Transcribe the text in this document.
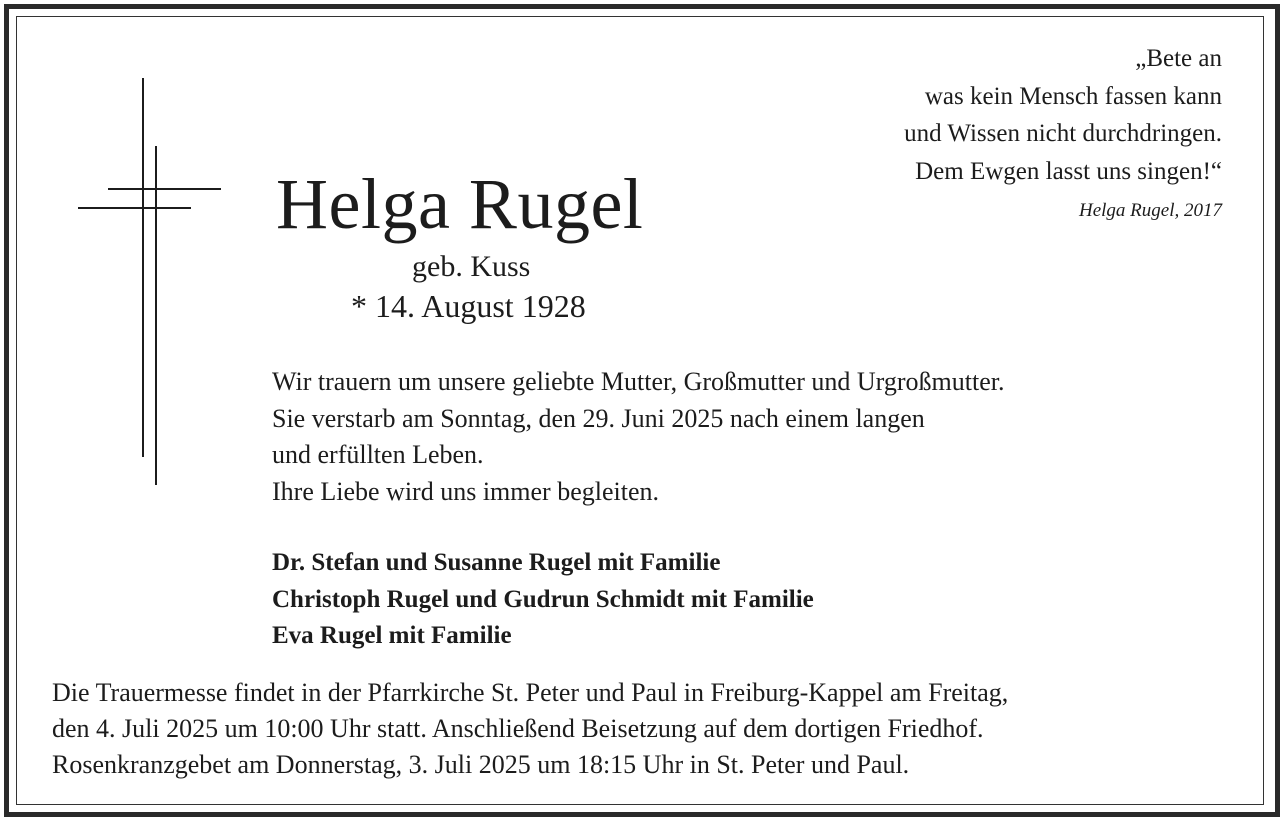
„Bete an
was kein Mensch fassen kann
und Wissen nicht durchdringen.
Dem Ewgen lasst uns singen!“
Helga Rugel, 2017
Helga Rugel
geb. Kuss
* 14. August 1928
Wir trauern um unsere geliebte Mutter, Großmutter und Urgroßmutter.
Sie verstarb am Sonntag, den 29. Juni 2025 nach einem langen
und erfüllten Leben.
Ihre Liebe wird uns immer begleiten.
Dr. Stefan und Susanne Rugel mit Familie
Christoph Rugel und Gudrun Schmidt mit Familie
Eva Rugel mit Familie
Die Trauermesse findet in der Pfarrkirche St. Peter und Paul in Freiburg-Kappel am Freitag,
den 4. Juli 2025 um 10:00 Uhr statt. Anschließend Beisetzung auf dem dortigen Friedhof.
Rosenkranzgebet am Donnerstag, 3. Juli 2025 um 18:15 Uhr in St. Peter und Paul.
